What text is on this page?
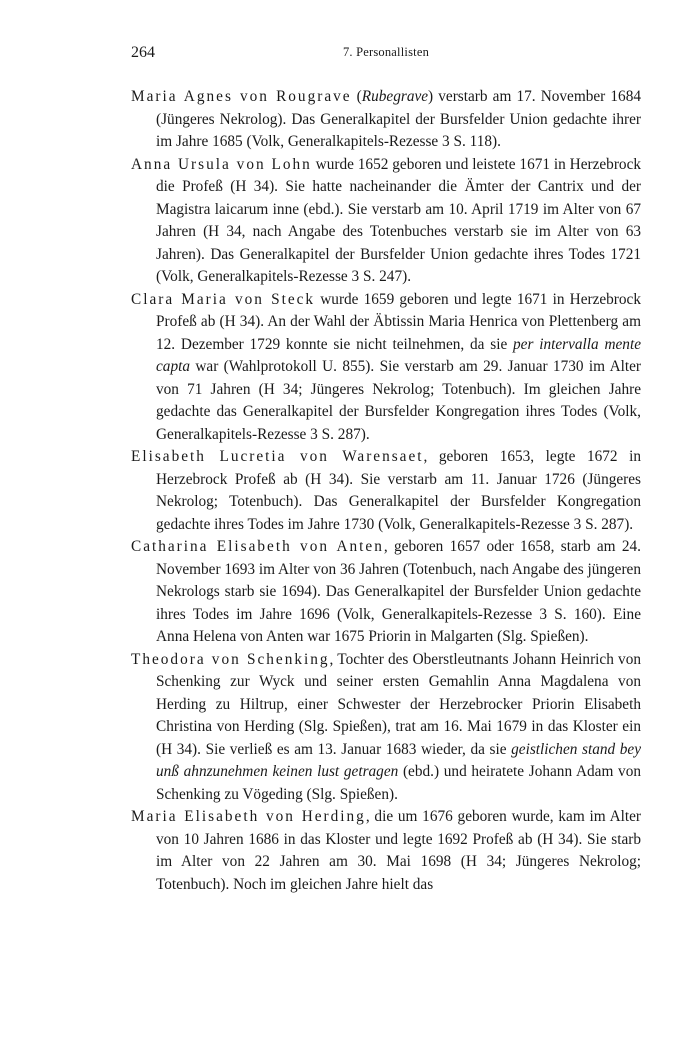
264	7. Personallisten

Maria Agnes von Rougrave (Rubegrave) verstarb am 17. November 1684 (Jüngeres Nekrolog). Das Generalkapitel der Bursfelder Union gedachte ihrer im Jahre 1685 (Volk, Generalkapitels-Rezesse 3 S. 118).

Anna Ursula von Lohn wurde 1652 geboren und leistete 1671 in Herzebrock die Profeß (H 34). Sie hatte nacheinander die Ämter der Cantrix und der Magistra laicarum inne (ebd.). Sie verstarb am 10. April 1719 im Alter von 67 Jahren (H 34, nach Angabe des Totenbuches verstarb sie im Alter von 63 Jahren). Das Generalkapitel der Bursfelder Union gedachte ihres Todes 1721 (Volk, Generalkapitels-Rezesse 3 S. 247).

Clara Maria von Steck wurde 1659 geboren und legte 1671 in Herzebrock Profeß ab (H 34). An der Wahl der Äbtissin Maria Henrica von Plettenberg am 12. Dezember 1729 konnte sie nicht teilnehmen, da sie per intervalla mente capta war (Wahlprotokoll U. 855). Sie verstarb am 29. Januar 1730 im Alter von 71 Jahren (H 34; Jüngeres Nekrolog; Totenbuch). Im gleichen Jahre gedachte das Generalkapitel der Bursfelder Kongregation ihres Todes (Volk, Generalkapitels-Rezesse 3 S. 287).

Elisabeth Lucretia von Warensaet, geboren 1653, legte 1672 in Herzebrock Profeß ab (H 34). Sie verstarb am 11. Januar 1726 (Jüngeres Nekrolog; Totenbuch). Das Generalkapitel der Bursfelder Kongregation gedachte ihres Todes im Jahre 1730 (Volk, Generalkapitels-Rezesse 3 S. 287).

Catharina Elisabeth von Anten, geboren 1657 oder 1658, starb am 24. November 1693 im Alter von 36 Jahren (Totenbuch, nach Angabe des jüngeren Nekrologs starb sie 1694). Das Generalkapitel der Bursfelder Union gedachte ihres Todes im Jahre 1696 (Volk, Generalkapitels-Rezesse 3 S. 160). Eine Anna Helena von Anten war 1675 Priorin in Malgarten (Slg. Spießen).

Theodora von Schenking, Tochter des Oberstleutnants Johann Heinrich von Schenking zur Wyck und seiner ersten Gemahlin Anna Magdalena von Herding zu Hiltrup, einer Schwester der Herzebrocker Priorin Elisabeth Christina von Herding (Slg. Spießen), trat am 16. Mai 1679 in das Kloster ein (H 34). Sie verließ es am 13. Januar 1683 wieder, da sie geistlichen stand bey unß ahnzunehmen keinen lust getragen (ebd.) und heiratete Johann Adam von Schenking zu Vögeding (Slg. Spießen).

Maria Elisabeth von Herding, die um 1676 geboren wurde, kam im Alter von 10 Jahren 1686 in das Kloster und legte 1692 Profeß ab (H 34). Sie starb im Alter von 22 Jahren am 30. Mai 1698 (H 34; Jüngeres Nekrolog; Totenbuch). Noch im gleichen Jahre hielt das
